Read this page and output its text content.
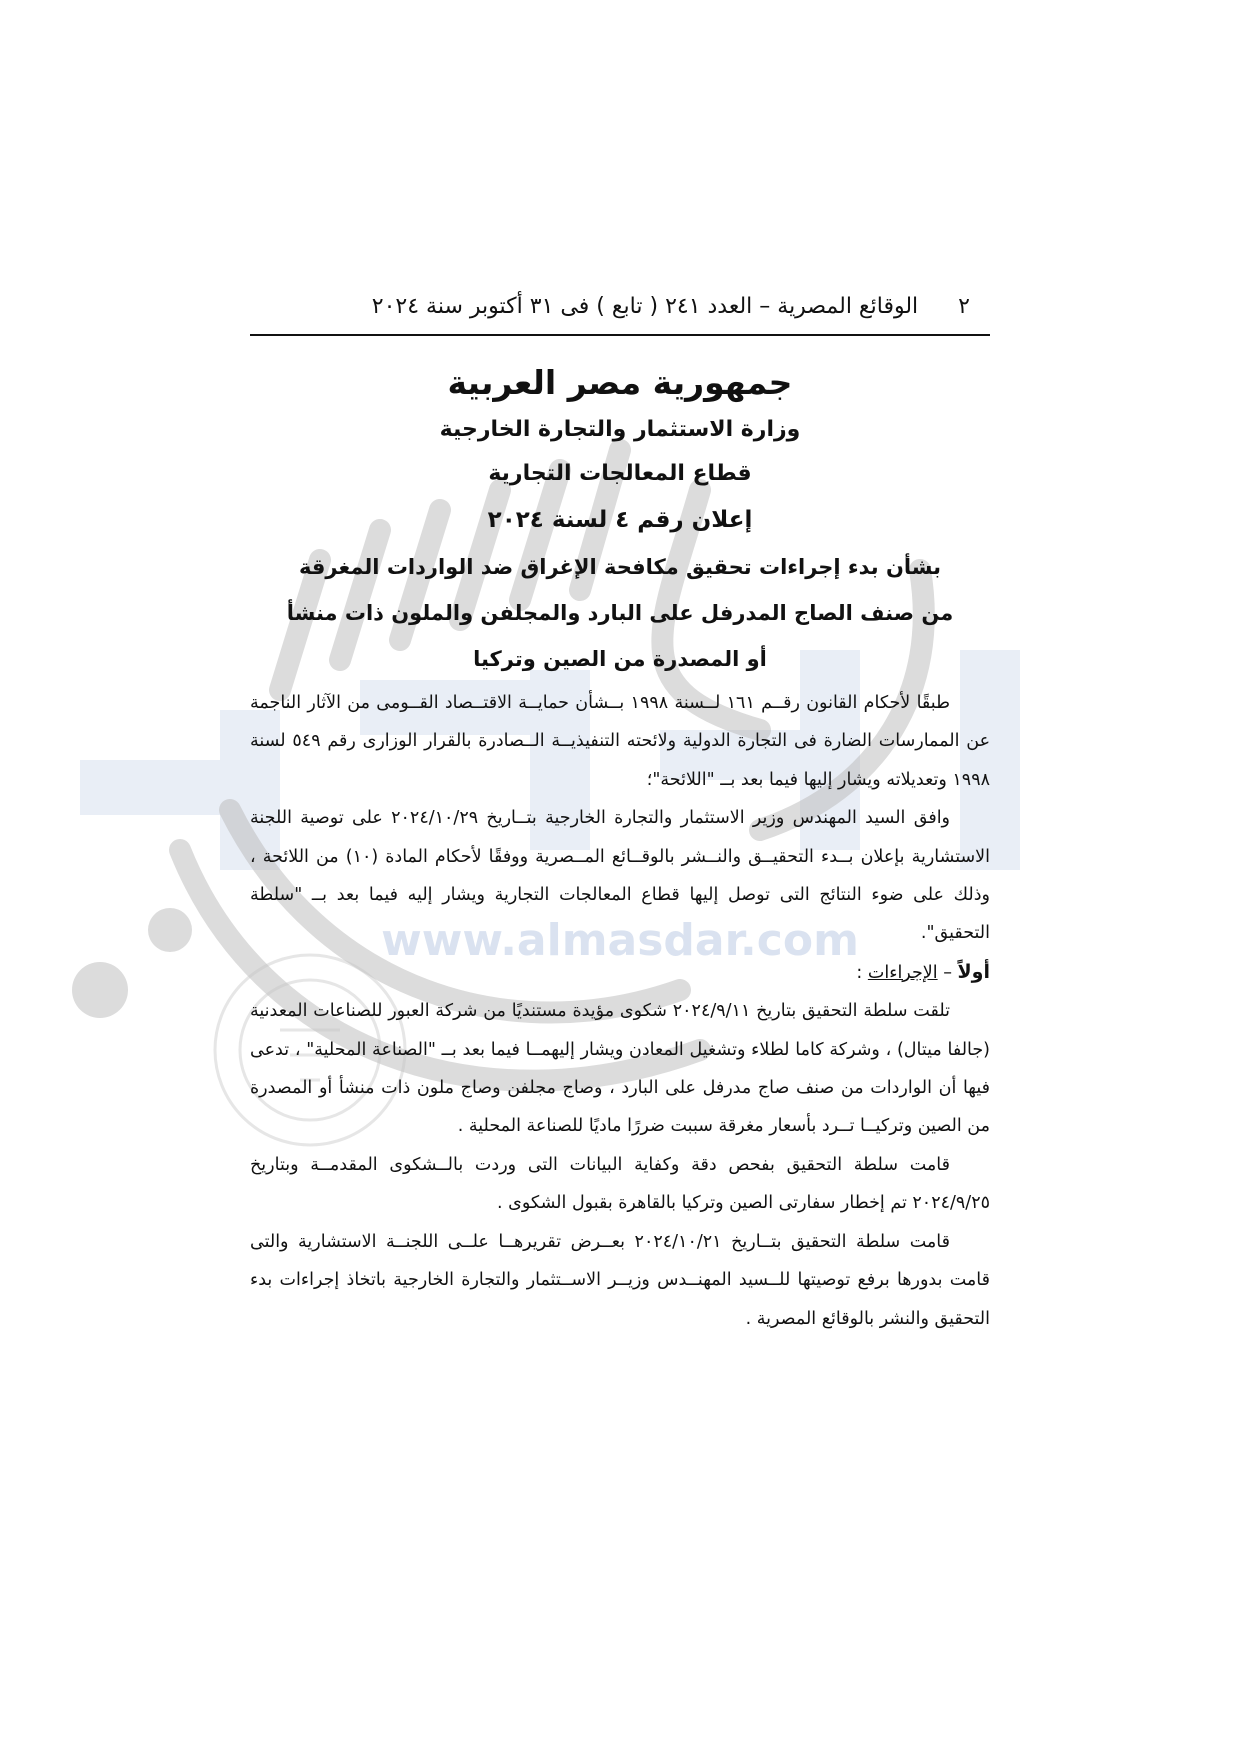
www.almasdar.com
٢
الوقائع المصرية – العدد ٢٤١ ( تابع ) فى ٣١ أكتوبر سنة ٢٠٢٤
جمهورية مصر العربية
وزارة الاستثمار والتجارة الخارجية
قطاع المعالجات التجارية
إعلان رقم ٤ لسنة ٢٠٢٤
بشأن بدء إجراءات تحقيق مكافحة الإغراق ضد الواردات المغرقة
من صنف الصاج المدرفل على البارد والمجلفن والملون ذات منشأ
أو المصدرة من الصين وتركيا

طبقًا لأحكام القانون رقــم ١٦١ لــسنة ١٩٩٨ بــشأن حمايــة الاقتــصاد القــومى من الآثار الناجمة عن الممارسات الضارة فى التجارة الدولية ولائحته التنفيذيــة الــصادرة بالقرار الوزارى رقم ٥٤٩ لسنة ١٩٩٨ وتعديلاته ويشار إليها فيما بعد بــ "اللائحة"؛

وافق السيد المهندس وزير الاستثمار والتجارة الخارجية بتــاريخ ٢٠٢٤/١٠/٢٩ على توصية اللجنة الاستشارية بإعلان بــدء التحقيــق والنــشر بالوقــائع المــصرية ووفقًا لأحكام المادة (١٠) من اللائحة ، وذلك على ضوء النتائج التى توصل إليها قطاع المعالجات التجارية ويشار إليه فيما بعد بــ "سلطة التحقيق".

أولاً – الإجراءات :

تلقت سلطة التحقيق بتاريخ ٢٠٢٤/٩/١١ شكوى مؤيدة مستنديًا من شركة العبور للصناعات المعدنية (جالفا ميتال) ، وشركة كاما لطلاء وتشغيل المعادن ويشار إليهمــا فيما بعد بــ "الصناعة المحلية" ، تدعى فيها أن الواردات من صنف صاج مدرفل على البارد ، وصاج مجلفن وصاج ملون ذات منشأ أو المصدرة من الصين وتركيــا تــرد بأسعار مغرقة سببت ضررًا ماديًا للصناعة المحلية .

قامت سلطة التحقيق بفحص دقة وكفاية البيانات التى وردت بالــشكوى المقدمــة وبتاريخ ٢٠٢٤/٩/٢٥ تم إخطار سفارتى الصين وتركيا بالقاهرة بقبول الشكوى .

قامت سلطة التحقيق بتــاريخ ٢٠٢٤/١٠/٢١ بعــرض تقريرهــا علــى اللجنــة الاستشارية والتى قامت بدورها برفع توصيتها للــسيد المهنــدس وزيــر الاســتثمار والتجارة الخارجية باتخاذ إجراءات بدء التحقيق والنشر بالوقائع المصرية .
